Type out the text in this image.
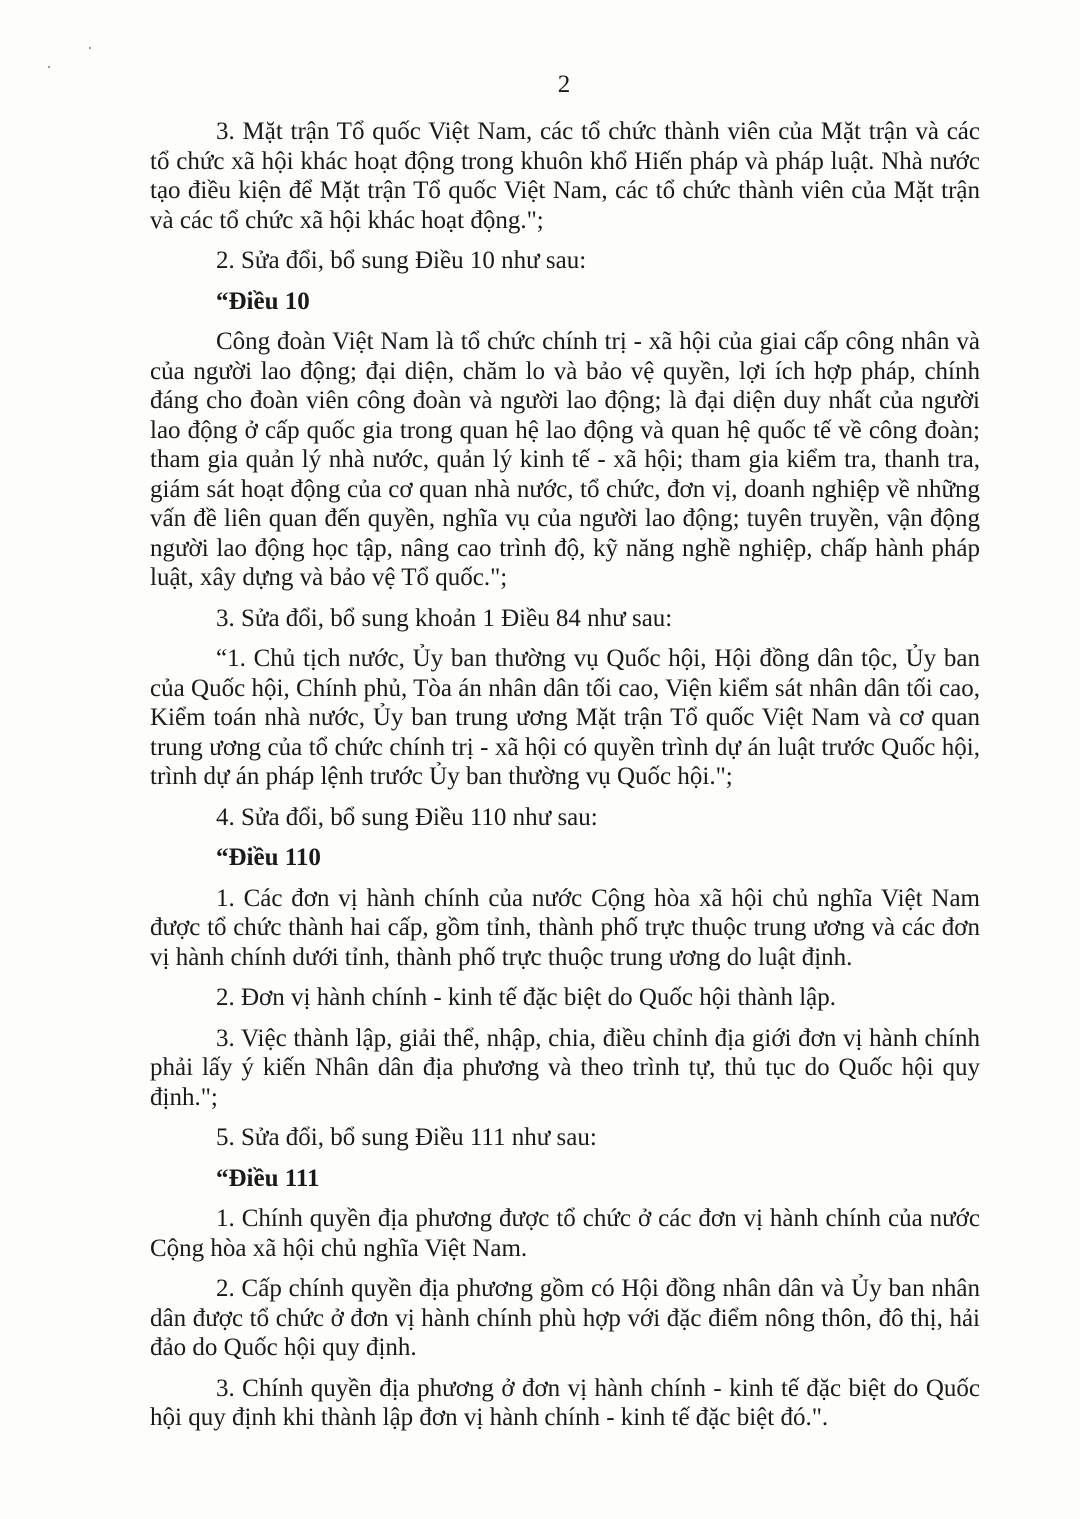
2

3. Mặt trận Tổ quốc Việt Nam, các tổ chức thành viên của Mặt trận và các tổ chức xã hội khác hoạt động trong khuôn khổ Hiến pháp và pháp luật. Nhà nước tạo điều kiện để Mặt trận Tổ quốc Việt Nam, các tổ chức thành viên của Mặt trận và các tổ chức xã hội khác hoạt động.";

2. Sửa đổi, bổ sung Điều 10 như sau:

“Điều 10

Công đoàn Việt Nam là tổ chức chính trị - xã hội của giai cấp công nhân và của người lao động; đại diện, chăm lo và bảo vệ quyền, lợi ích hợp pháp, chính đáng cho đoàn viên công đoàn và người lao động; là đại diện duy nhất của người lao động ở cấp quốc gia trong quan hệ lao động và quan hệ quốc tế về công đoàn; tham gia quản lý nhà nước, quản lý kinh tế - xã hội; tham gia kiểm tra, thanh tra, giám sát hoạt động của cơ quan nhà nước, tổ chức, đơn vị, doanh nghiệp về những vấn đề liên quan đến quyền, nghĩa vụ của người lao động; tuyên truyền, vận động người lao động học tập, nâng cao trình độ, kỹ năng nghề nghiệp, chấp hành pháp luật, xây dựng và bảo vệ Tổ quốc.";

3. Sửa đổi, bổ sung khoản 1 Điều 84 như sau:

“1. Chủ tịch nước, Ủy ban thường vụ Quốc hội, Hội đồng dân tộc, Ủy ban của Quốc hội, Chính phủ, Tòa án nhân dân tối cao, Viện kiểm sát nhân dân tối cao, Kiểm toán nhà nước, Ủy ban trung ương Mặt trận Tổ quốc Việt Nam và cơ quan trung ương của tổ chức chính trị - xã hội có quyền trình dự án luật trước Quốc hội, trình dự án pháp lệnh trước Ủy ban thường vụ Quốc hội.";

4. Sửa đổi, bổ sung Điều 110 như sau:

“Điều 110

1. Các đơn vị hành chính của nước Cộng hòa xã hội chủ nghĩa Việt Nam được tổ chức thành hai cấp, gồm tỉnh, thành phố trực thuộc trung ương và các đơn vị hành chính dưới tỉnh, thành phố trực thuộc trung ương do luật định.

2. Đơn vị hành chính - kinh tế đặc biệt do Quốc hội thành lập.

3. Việc thành lập, giải thể, nhập, chia, điều chỉnh địa giới đơn vị hành chính phải lấy ý kiến Nhân dân địa phương và theo trình tự, thủ tục do Quốc hội quy định.";

5. Sửa đổi, bổ sung Điều 111 như sau:

“Điều 111

1. Chính quyền địa phương được tổ chức ở các đơn vị hành chính của nước Cộng hòa xã hội chủ nghĩa Việt Nam.

2. Cấp chính quyền địa phương gồm có Hội đồng nhân dân và Ủy ban nhân dân được tổ chức ở đơn vị hành chính phù hợp với đặc điểm nông thôn, đô thị, hải đảo do Quốc hội quy định.

3. Chính quyền địa phương ở đơn vị hành chính - kinh tế đặc biệt do Quốc hội quy định khi thành lập đơn vị hành chính - kinh tế đặc biệt đó.".
